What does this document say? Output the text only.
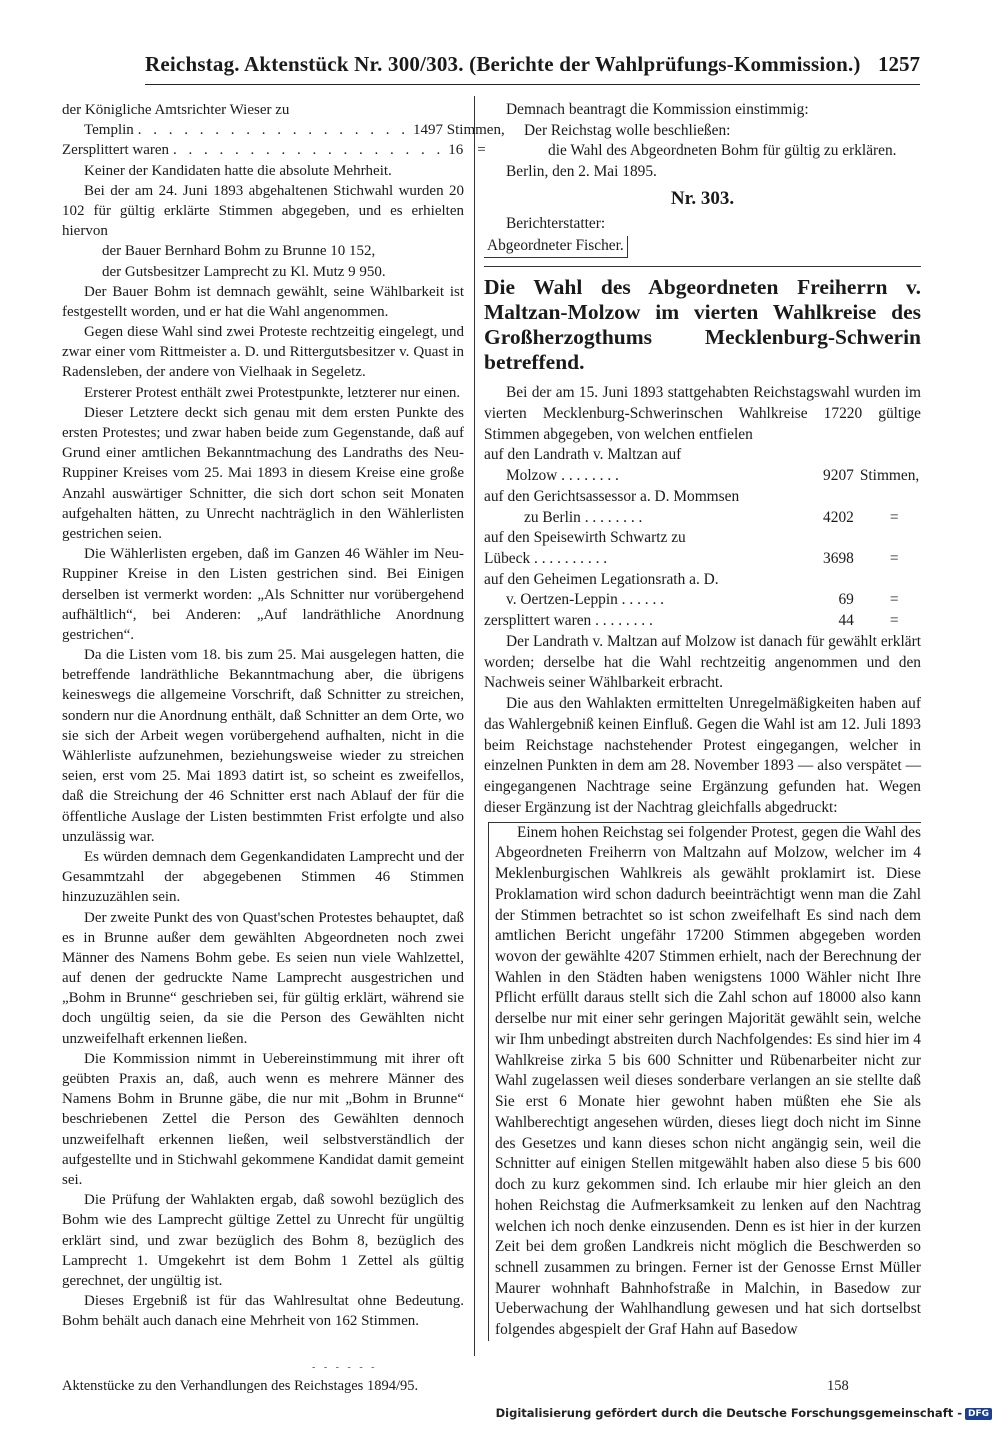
Reichstag. Aktenstück Nr. 300/303. (Berichte der Wahlprüfungs-Kommission.) 1257

der Königliche Amtsrichter Wieser zu

Templin . . . . . . . . . . . . . . . . . . 1497 Stimmen,
Zersplittert waren . . . . . . . . . . . . . . . . . . 16 =

Keiner der Kandidaten hatte die absolute Mehrheit.

Bei der am 24. Juni 1893 abgehaltenen Stichwahl wurden 20 102 für gültig erklärte Stimmen abgegeben, und es erhielten hiervon

der Bauer Bernhard Bohm zu Brunne 10 152,

der Gutsbesitzer Lamprecht zu Kl. Mutz 9 950.

Der Bauer Bohm ist demnach gewählt, seine Wählbarkeit ist festgestellt worden, und er hat die Wahl angenommen.

Gegen diese Wahl sind zwei Proteste rechtzeitig eingelegt, und zwar einer vom Rittmeister a. D. und Rittergutsbesitzer v. Quast in Radensleben, der andere von Vielhaak in Segeletz.

Ersterer Protest enthält zwei Protestpunkte, letzterer nur einen.

Dieser Letztere deckt sich genau mit dem ersten Punkte des ersten Protestes; und zwar haben beide zum Gegenstande, daß auf Grund einer amtlichen Bekanntmachung des Landraths des Neu-Ruppiner Kreises vom 25. Mai 1893 in diesem Kreise eine große Anzahl auswärtiger Schnitter, die sich dort schon seit Monaten aufgehalten hätten, zu Unrecht nachträglich in den Wählerlisten gestrichen seien.

Die Wählerlisten ergeben, daß im Ganzen 46 Wähler im Neu-Ruppiner Kreise in den Listen gestrichen sind. Bei Einigen derselben ist vermerkt worden: „Als Schnitter nur vorübergehend aufhältlich“, bei Anderen: „Auf landräthliche Anordnung gestrichen“.

Da die Listen vom 18. bis zum 25. Mai ausgelegen hatten, die betreffende landräthliche Bekanntmachung aber, die übrigens keineswegs die allgemeine Vorschrift, daß Schnitter zu streichen, sondern nur die Anordnung enthält, daß Schnitter an dem Orte, wo sie sich der Arbeit wegen vorübergehend aufhalten, nicht in die Wählerliste aufzunehmen, beziehungsweise wieder zu streichen seien, erst vom 25. Mai 1893 datirt ist, so scheint es zweifellos, daß die Streichung der 46 Schnitter erst nach Ablauf der für die öffentliche Auslage der Listen bestimmten Frist erfolgte und also unzulässig war.

Es würden demnach dem Gegenkandidaten Lamprecht und der Gesammtzahl der abgegebenen Stimmen 46 Stimmen hinzuzuzählen sein.

Der zweite Punkt des von Quast'schen Protestes behauptet, daß es in Brunne außer dem gewählten Abgeordneten noch zwei Männer des Namens Bohm gebe. Es seien nun viele Wahlzettel, auf denen der gedruckte Name Lamprecht ausgestrichen und „Bohm in Brunne“ geschrieben sei, für gültig erklärt, während sie doch ungültig seien, da sie die Person des Gewählten nicht unzweifelhaft erkennen ließen.

Die Kommission nimmt in Uebereinstimmung mit ihrer oft geübten Praxis an, daß, auch wenn es mehrere Männer des Namens Bohm in Brunne gäbe, die nur mit „Bohm in Brunne“ beschriebenen Zettel die Person des Gewählten dennoch unzweifelhaft erkennen ließen, weil selbstverständlich der aufgestellte und in Stichwahl gekommene Kandidat damit gemeint sei.

Die Prüfung der Wahlakten ergab, daß sowohl bezüglich des Bohm wie des Lamprecht gültige Zettel zu Unrecht für ungültig erklärt sind, und zwar bezüglich des Bohm 8, bezüglich des Lamprecht 1. Umgekehrt ist dem Bohm 1 Zettel als gültig gerechnet, der ungültig ist.

Dieses Ergebniß ist für das Wahlresultat ohne Bedeutung. Bohm behält auch danach eine Mehrheit von 162 Stimmen.

Demnach beantragt die Kommission einstimmig:

Der Reichstag wolle beschließen:

die Wahl des Abgeordneten Bohm für gültig zu erklären.

Berlin, den 2. Mai 1895.

Nr. 303.

Berichterstatter:

Abgeordneter Fischer.
Die Wahl des Abgeordneten Freiherrn v. Maltzan-Molzow im vierten Wahlkreise des Großherzogthums Mecklenburg-Schwerin betreffend.

Bei der am 15. Juni 1893 stattgehabten Reichstagswahl wurden im vierten Mecklenburg-Schwerinschen Wahlkreise 17220 gültige Stimmen abgegeben, von welchen entfielen

auf den Landrath v. Maltzan auf		
Molzow . . . . . . . .	9207	Stimmen,
auf den Gerichtsassessor a. D. Mommsen		
zu Berlin . . . . . . . .	4202	=
auf den Speisewirth Schwartz zu		
Lübeck . . . . . . . . . .	3698	=
auf den Geheimen Legationsrath a. D.		
v. Oertzen-Leppin . . . . . .	69	=
zersplittert waren . . . . . . . .	44	=

Der Landrath v. Maltzan auf Molzow ist danach für gewählt erklärt worden; derselbe hat die Wahl rechtzeitig angenommen und den Nachweis seiner Wählbarkeit erbracht.

Die aus den Wahlakten ermittelten Unregelmäßigkeiten haben auf das Wahlergebniß keinen Einfluß. Gegen die Wahl ist am 12. Juli 1893 beim Reichstage nachstehender Protest eingegangen, welcher in einzelnen Punkten in dem am 28. November 1893 — also verspätet — eingegangenen Nachtrage seine Ergänzung gefunden hat. Wegen dieser Ergänzung ist der Nachtrag gleichfalls abgedruckt:

Einem hohen Reichstag sei folgender Protest, gegen die Wahl des Abgeordneten Freiherrn von Maltzahn auf Molzow, welcher im 4 Meklenburgischen Wahlkreis als gewählt proklamirt ist. Diese Proklamation wird schon dadurch beeinträchtigt wenn man die Zahl der Stimmen betrachtet so ist schon zweifelhaft Es sind nach dem amtlichen Bericht ungefähr 17200 Stimmen abgegeben worden wovon der gewählte 4207 Stimmen erhielt, nach der Berechnung der Wahlen in den Städten haben wenigstens 1000 Wähler nicht Ihre Pflicht erfüllt daraus stellt sich die Zahl schon auf 18000 also kann derselbe nur mit einer sehr geringen Majorität gewählt sein, welche wir Ihm unbedingt abstreiten durch Nachfolgendes: Es sind hier im 4 Wahlkreise zirka 5 bis 600 Schnitter und Rübenarbeiter nicht zur Wahl zugelassen weil dieses sonderbare verlangen an sie stellte daß Sie erst 6 Monate hier gewohnt haben müßten ehe Sie als Wahlberechtigt angesehen würden, dieses liegt doch nicht im Sinne des Gesetzes und kann dieses schon nicht angängig sein, weil die Schnitter auf einigen Stellen mitgewählt haben also diese 5 bis 600 doch zu kurz gekommen sind. Ich erlaube mir hier gleich an den hohen Reichstag die Aufmerksamkeit zu lenken auf den Nachtrag welchen ich noch denke einzusenden. Denn es ist hier in der kurzen Zeit bei dem großen Landkreis nicht möglich die Beschwerden so schnell zusammen zu bringen. Ferner ist der Genosse Ernst Müller Maurer wohnhaft Bahnhofstraße in Malchin, in Basedow zur Ueberwachung der Wahlhandlung gewesen und hat sich dortselbst folgendes abgespielt der Graf Hahn auf Basedow

- - - - - -
Aktenstücke zu den Verhandlungen des Reichstages 1894/95.	158
Digitalisierung gefördert durch die Deutsche Forschungsgemeinschaft - DFG
